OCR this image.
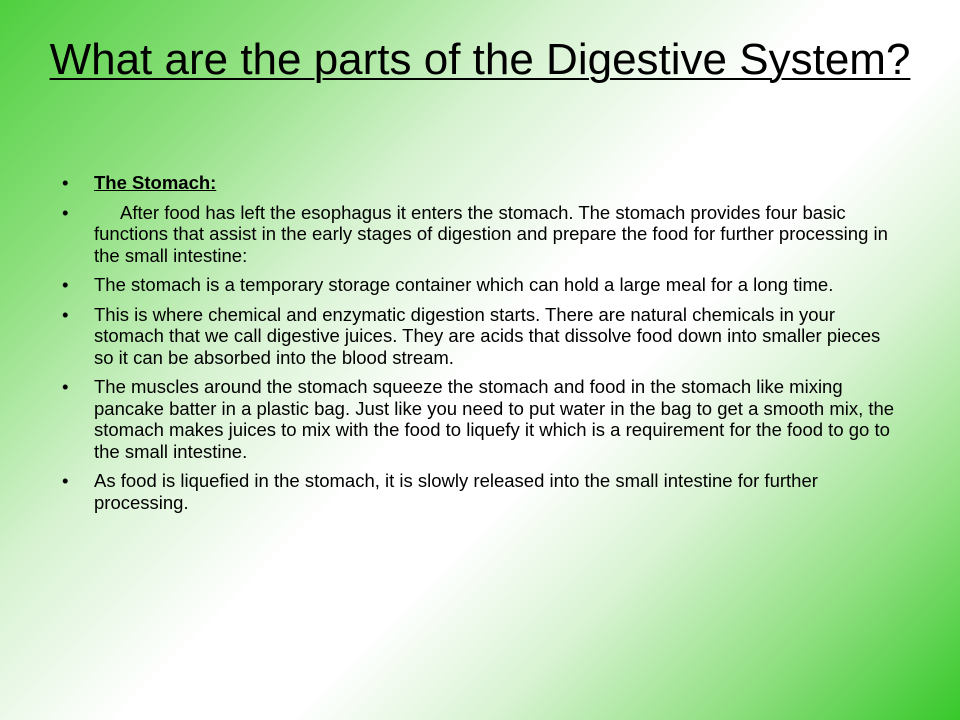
What are the parts of the Digestive System?
• The Stomach:
•	After food has left the esophagus it enters the stomach. The stomach provides four basic functions that assist in the early stages of digestion and prepare the food for further processing in the small intestine:
• The stomach is a temporary storage container which can hold a large meal for a long time.
• This is where chemical and enzymatic digestion starts. There are natural chemicals in your stomach that we call digestive juices. They are acids that dissolve food down into smaller pieces so it can be absorbed into the blood stream.
• The muscles around the stomach squeeze the stomach and food in the stomach like mixing pancake batter in a plastic bag. Just like you need to put water in the bag to get a smooth mix, the stomach makes juices to mix with the food to liquefy it which is a requirement for the food to go to the small intestine.
• As food is liquefied in the stomach, it is slowly released into the small intestine for further processing.
